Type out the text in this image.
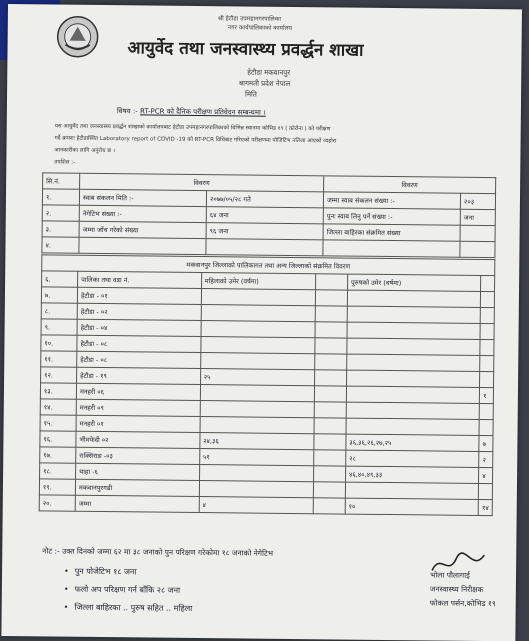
श्री हेटौडा उपमहानगरपालिका
नगर कार्यपालिकाको कार्यालय
आयुर्वेद तथा जनस्वास्थ्य प्रवर्द्धन शाखा
हेटौडा मकवानपुर
बागमती प्रदेश नेपाल
मिति
विषय :- RT-PCR को दैनिक परीक्षण प्रतिवेदन सम्बन्धमा ।
यस आयुर्वेद तथा जनस्वास्थ्य प्रवर्द्धन शाखाको कार्यालयबाट हेटौडा उपमहानगरपालिकाको विभिन्न स्थानमा कोभिड १९ ( कोरोना ) को परीक्षण
गर्दै क्रमशः हेटौडास्थित Laboratory report of COVID -19 को RT-PCR विधिबाट गरिएको परीक्षणमा पोजिटिभ नतिजा आएको व्यहोरा
जानकारीका लागि अनुरोध छ ।
तपशिल :-
सि.नं.	विवरण		विवरण	
१.	स्वाब संकलन मिति :-	२०७७/०५/२८ गते	जम्मा स्वाब संकलन संख्या :-	२०३
२.	नेगेटिभ संख्या :-	६४ जना	पुनः स्वाब लिनु पर्ने संख्या :-	जना
३.	जम्मा जाँच गरेको संख्या	९६ जना	जिल्ला बाहिरका संक्रमित संख्या	
४.				
मकवानपुर जिल्लाको पालिकागत तथा अन्य जिल्लाको संक्रमित विवरण					
६.	पालिका तथा वडा नं.	महिलाको उमेर (वर्षमा)		पुरुषको उमेर (वर्षमा)	
७.	हेटौडा - ०१				
८.	हेटौडा - ०२				
९.	हेटौडा - ०४				
१०.	हेटौडा - ०८				
११.	हेटौडा - ०८				
१२.	हेटौडा - १९	२५			
१३.	मनहरी ०६				१
१४.	मनहरी ०९				
१५.	मनहरी ०१				
१६.	भीमफेदी ०२	२४,३६		३६,३६,२६,२७,२५	७
१७.	राक्सिराङ -०३	५१		२८	२
१८.	थाहा -६			४६,४०,४९,३३	४
१९.	मकवानपुरगढी				
२०.	जम्मा	४		१०	१४
नोट :- उक्त दिनको जम्मा ६२ मा ३८ जनाको पुन परिक्षण गरेकोमा १८ जनाको नेगेटिभ
• पुन पोजेटिभ १८ जना
• फलो अप परिक्षण गर्न बाँकि २८ जना
• जिल्ला बाहिरका .. पुरुष सहित .. महिला
भोला पौलागाई
जनस्वास्थ्य निरीक्षक
फोकल पर्सन,कोभिड १९
